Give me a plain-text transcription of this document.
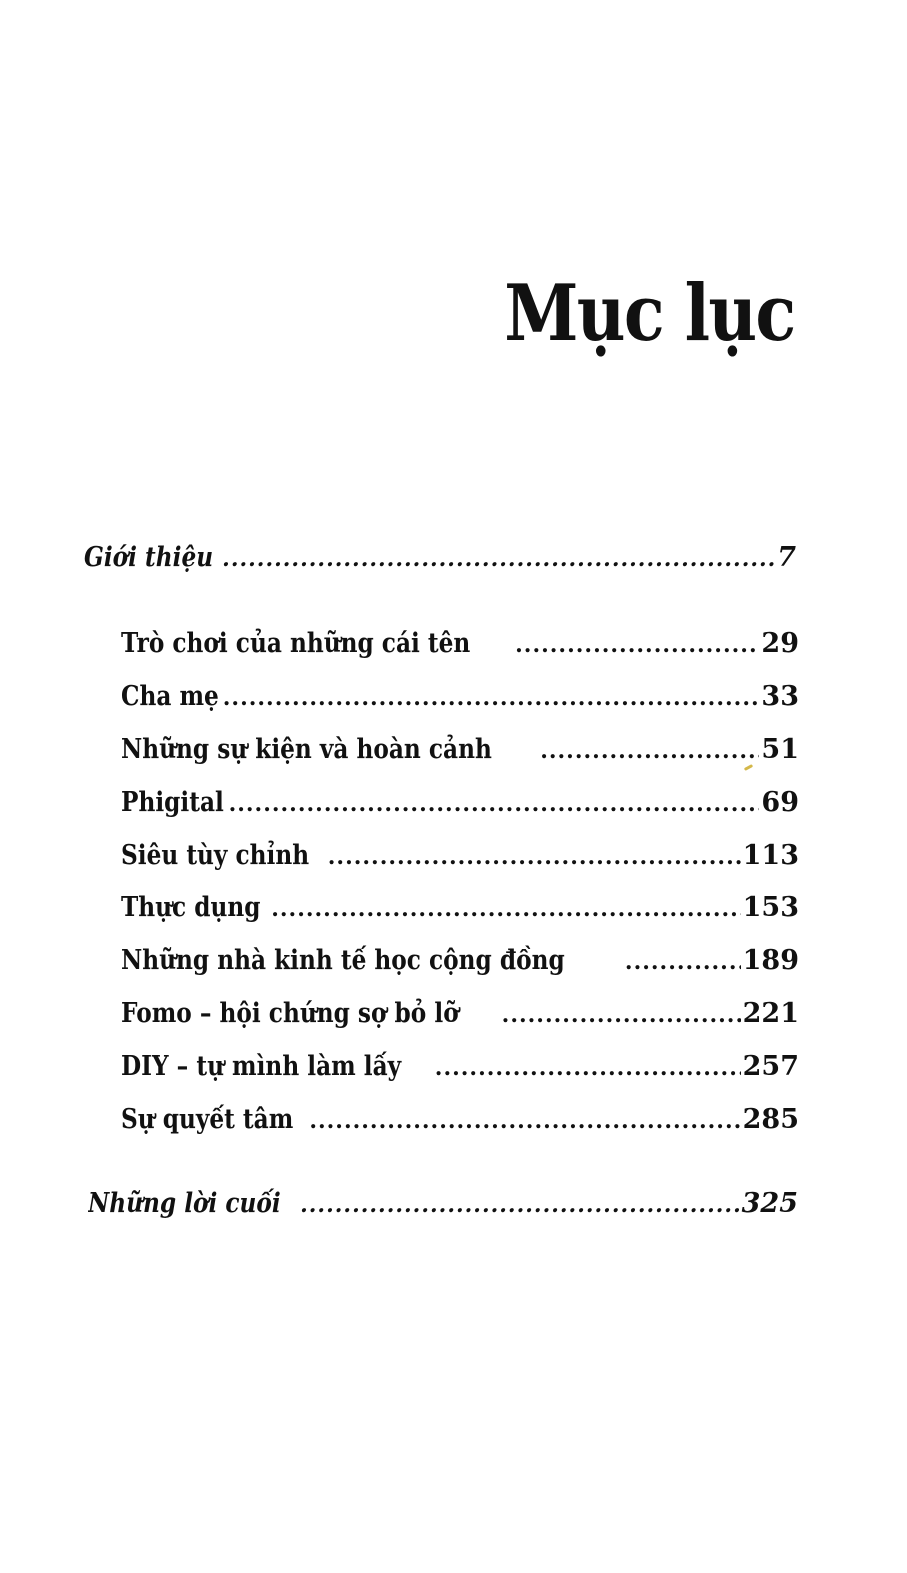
Mục lục
Giới thiệu .....	7
Trò chơi của những cái tên .....	29
Cha mẹ .....	33
Những sự kiện và hoàn cảnh .....	51
Phigital .....	69
Siêu tùy chỉnh .....	113
Thực dụng .....	153
Những nhà kinh tế học cộng đồng .....	189
Fomo – hội chứng sợ bỏ lỡ .....	221
DIY – tự mình làm lấy .....	257
Sự quyết tâm .....	285
Những lời cuối .....	325
